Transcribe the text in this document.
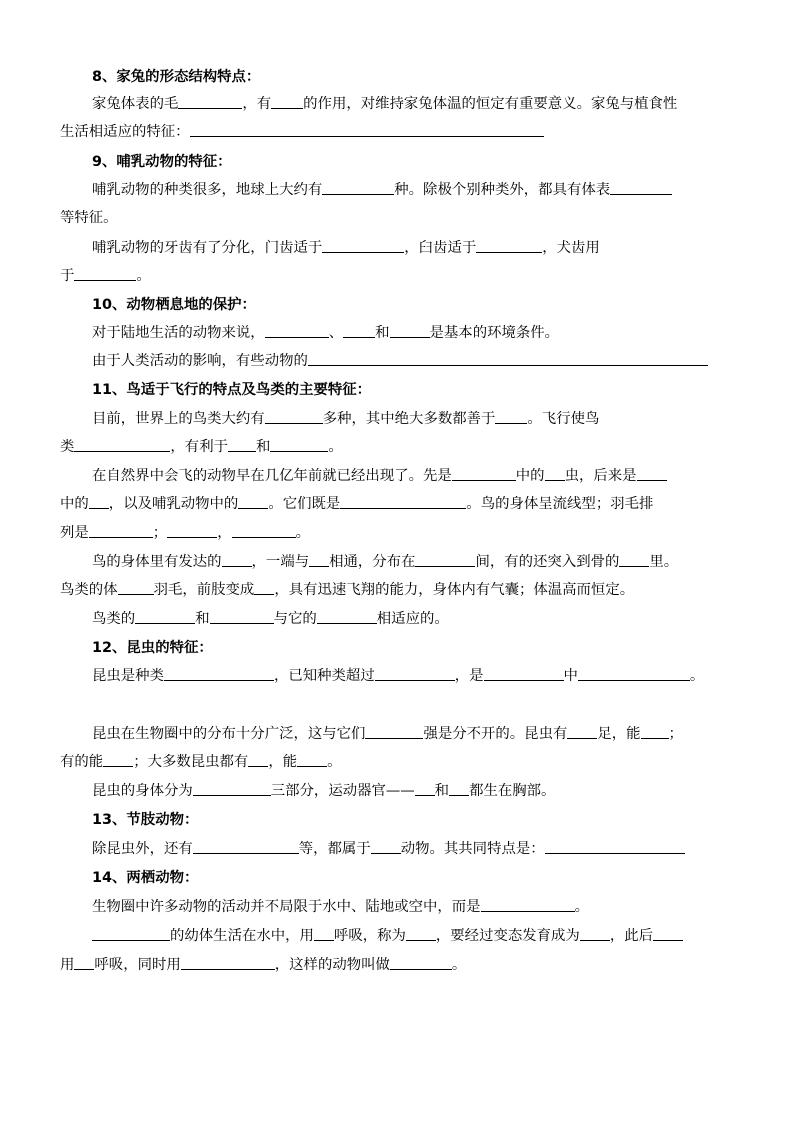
8、家兔的形态结构特点：
家兔体表的毛	，有 的作用，对维持家兔体温的恒定有重要意义。家兔与植食性
生活相适应的特征：
9、哺乳动物的特征：
哺乳动物的种类很多，地球上大约有	种。除极个别种类外，都具有体表
等特征。
哺乳动物的牙齿有了分化，门齿适于	，臼齿适于	，犬齿用
于	。
10、动物栖息地的保护：
对于陆地生活的动物来说，	、 和	是基本的环境条件。
由于人类活动的影响，有些动物的
11、鸟适于飞行的特点及鸟类的主要特征：
目前，世界上的鸟类大约有	多种，其中绝大多数都善于 。飞行使鸟
类	，有利于 和	。
在自然界中会飞的动物早在几亿年前就已经出现了。先是	中的 虫，后来是
中的 ，以及哺乳动物中的 。它们既是	。鸟的身体呈流线型；羽毛排
列是	；	，	。
鸟的身体里有发达的 ，一端与 相通，分布在	间，有的还突入到骨的 里。
鸟类的体	羽毛，前肢变成 ，具有迅速飞翔的能力，身体内有气囊；体温高而恒定。
鸟类的	和	与它的	相适应的。
12、昆虫的特征：
昆虫是种类	，已知种类超过	，是	中	。
昆虫在生物圈中的分布十分广泛，这与它们	强是分不开的。昆虫有 足，能 ；
有的能 ；大多数昆虫都有 ，能 。
昆虫的身体分为	三部分，运动器官—— 和 都生在胸部。
13、节肢动物：
除昆虫外，还有	等，都属于 动物。其共同特点是：
14、两栖动物：
生物圈中许多动物的活动并不局限于水中、陆地或空中，而是	。
的幼体生活在水中，用 呼吸，称为 ，要经过变态发育成为 ，此后
用 呼吸，同时用	，这样的动物叫做	。
